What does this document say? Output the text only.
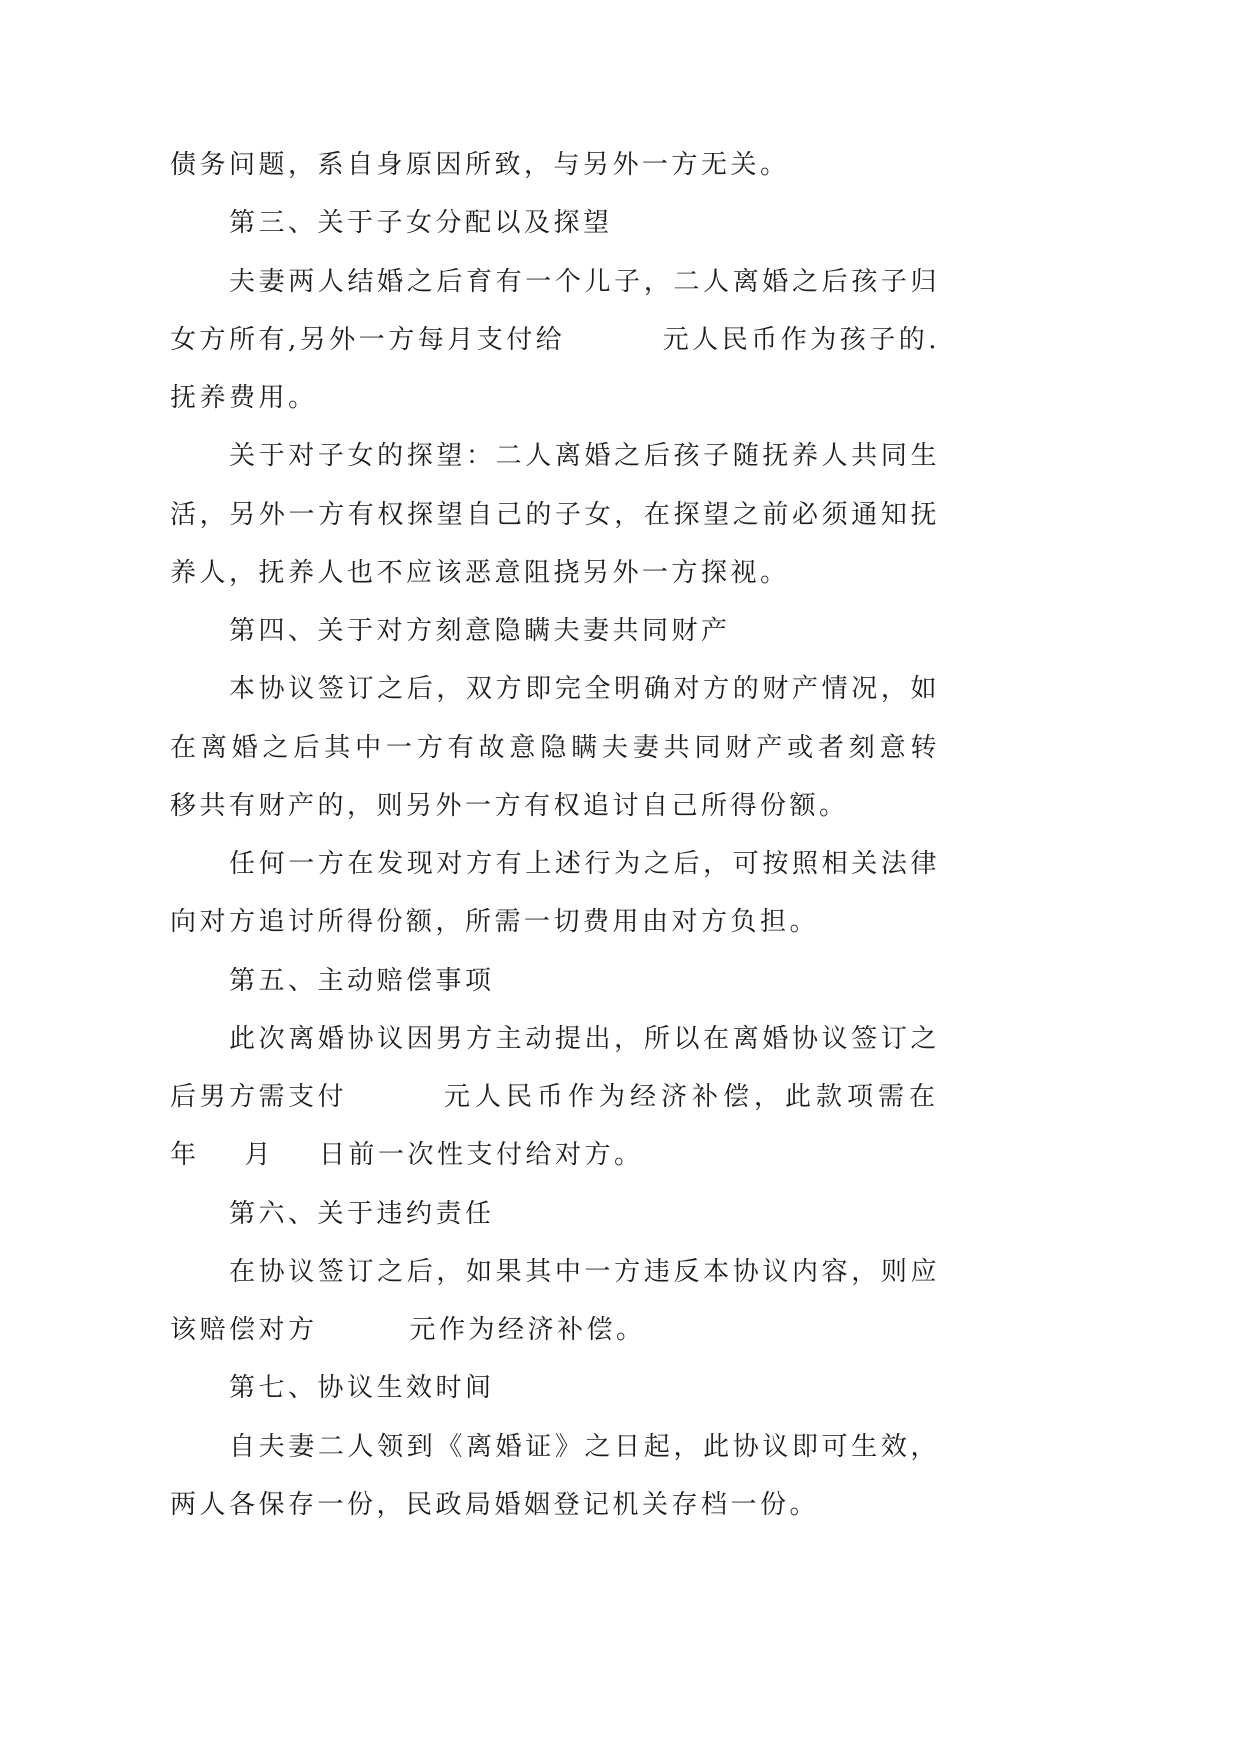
债务问题，系自身原因所致，与另外一方无关。
第三、关于子女分配以及探望
夫妻两人结婚之后育有一个儿子，二人离婚之后孩子归
女方所有,另外一方每月支付给	元人民币作为孩子的.
抚养费用。
关于对子女的探望：二人离婚之后孩子随抚养人共同生
活，另外一方有权探望自己的子女，在探望之前必须通知抚
养人，抚养人也不应该恶意阻挠另外一方探视。
第四、关于对方刻意隐瞒夫妻共同财产
本协议签订之后，双方即完全明确对方的财产情况，如
在离婚之后其中一方有故意隐瞒夫妻共同财产或者刻意转
移共有财产的，则另外一方有权追讨自己所得份额。
任何一方在发现对方有上述行为之后，可按照相关法律
向对方追讨所得份额，所需一切费用由对方负担。
第五、主动赔偿事项
此次离婚协议因男方主动提出，所以在离婚协议签订之
后男方需支付	元人民币作为经济补偿，此款项需在
年 月 日前一次性支付给对方。
第六、关于违约责任
在协议签订之后，如果其中一方违反本协议内容，则应
该赔偿对方	元作为经济补偿。
第七、协议生效时间
自夫妻二人领到《离婚证》之日起，此协议即可生效，
两人各保存一份，民政局婚姻登记机关存档一份。
